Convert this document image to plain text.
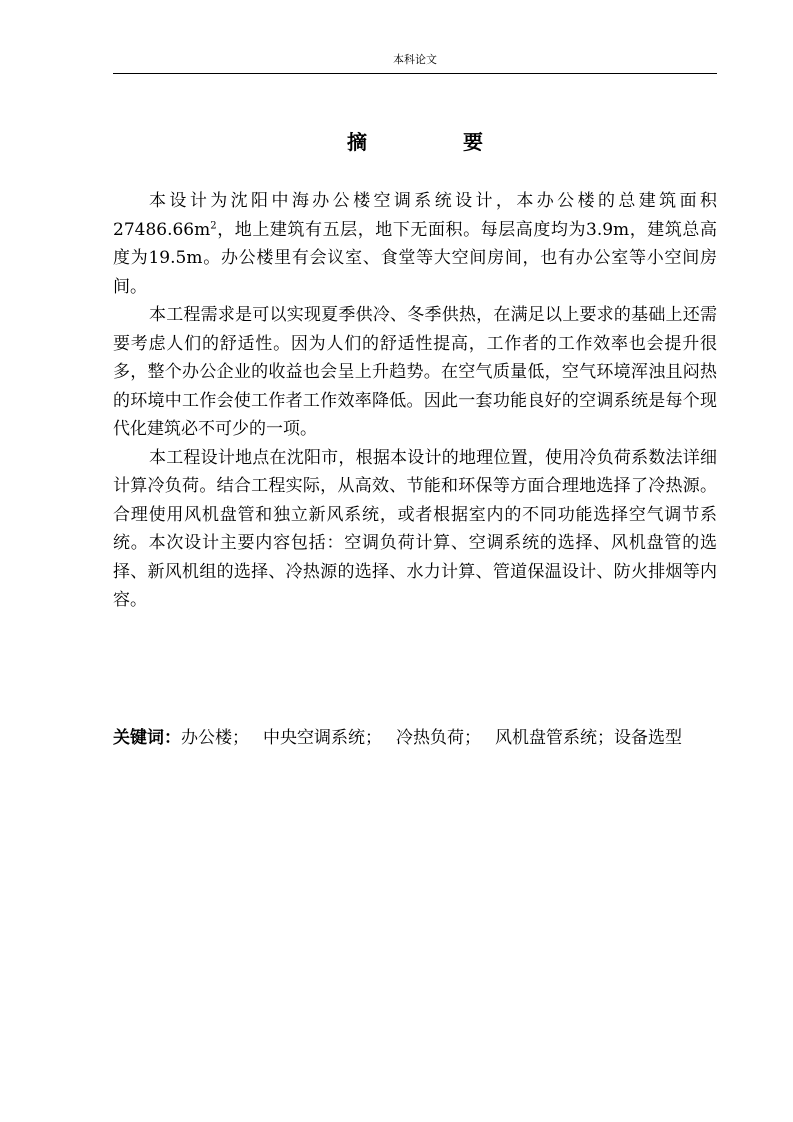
本科论文
摘　要

本设计为沈阳中海办公楼空调系统设计，本办公楼的总建筑面积$27486.66m^2$，地上建筑有五层，地下无面积。每层高度均为3.9m，建筑总高度为19.5m。办公楼里有会议室、食堂等大空间房间，也有办公室等小空间房间。

本工程需求是可以实现夏季供冷、冬季供热，在满足以上要求的基础上还需要考虑人们的舒适性。因为人们的舒适性提高，工作者的工作效率也会提升很多，整个办公企业的收益也会呈上升趋势。在空气质量低，空气环境浑浊且闷热的环境中工作会使工作者工作效率降低。因此一套功能良好的空调系统是每个现代化建筑必不可少的一项。

本工程设计地点在沈阳市，根据本设计的地理位置，使用冷负荷系数法详细计算冷负荷。结合工程实际，从高效、节能和环保等方面合理地选择了冷热源。合理使用风机盘管和独立新风系统，或者根据室内的不同功能选择空气调节系统。本次设计主要内容包括：空调负荷计算、空调系统的选择、风机盘管的选择、新风机组的选择、冷热源的选择、水力计算、管道保温设计、防火排烟等内容。

关键词：办公楼； 中央空调系统； 冷热负荷； 风机盘管系统；设备选型
